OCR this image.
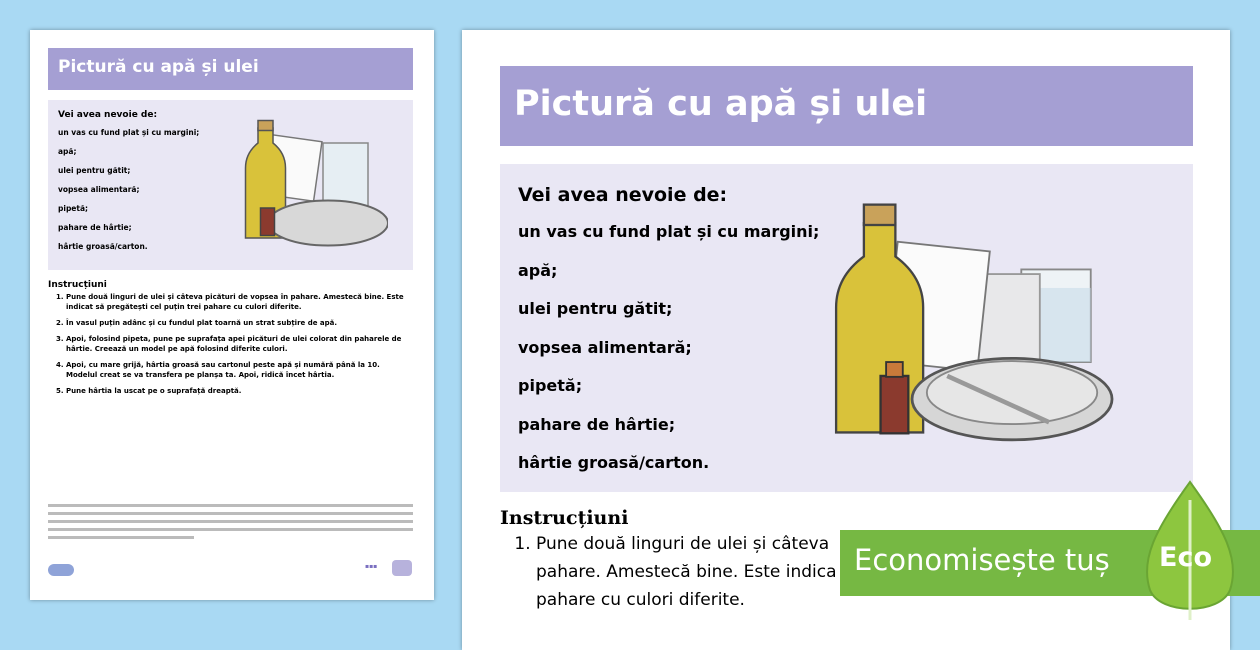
Pictură cu apă și ulei
Vei avea nevoie de:
un vas cu fund plat și cu margini;
apă;
ulei pentru gătit;
vopsea alimentară;
pipetă;
pahare de hârtie;
hârtie groasă/carton.
Instrucțiuni
1. Pune două linguri de ulei și câteva picături de vopsea în pahare. Amestecă bine. Este indicat să pregătești cel puțin trei pahare cu culori diferite.
2. În vasul puțin adânc și cu fundul plat toarnă un strat subțire de apă.
3. Apoi, folosind pipeta, pune pe suprafața apei picături de ulei colorat din paharele de hârtie. Creează un model pe apă folosind diferite culori.
4. Apoi, cu mare grijă, hârtia groasă sau cartonul peste apă și numără până la 10. Modelul creat se va transfera pe planșa ta. Apoi, ridică încet hârtia.
5. Pune hârtia la uscat pe o suprafață dreaptă.
▪▪▪
Pictură cu apă și ulei
Vei avea nevoie de:
un vas cu fund plat și cu margini;
apă;
ulei pentru gătit;
vopsea alimentară;
pipetă;
pahare de hârtie;
hârtie groasă/carton.
Instrucțiuni
1. Pune două linguri de ulei și câteva
pahare. Amestecă bine. Este indica
pahare cu culori diferite.
Economisește tuș Eco
